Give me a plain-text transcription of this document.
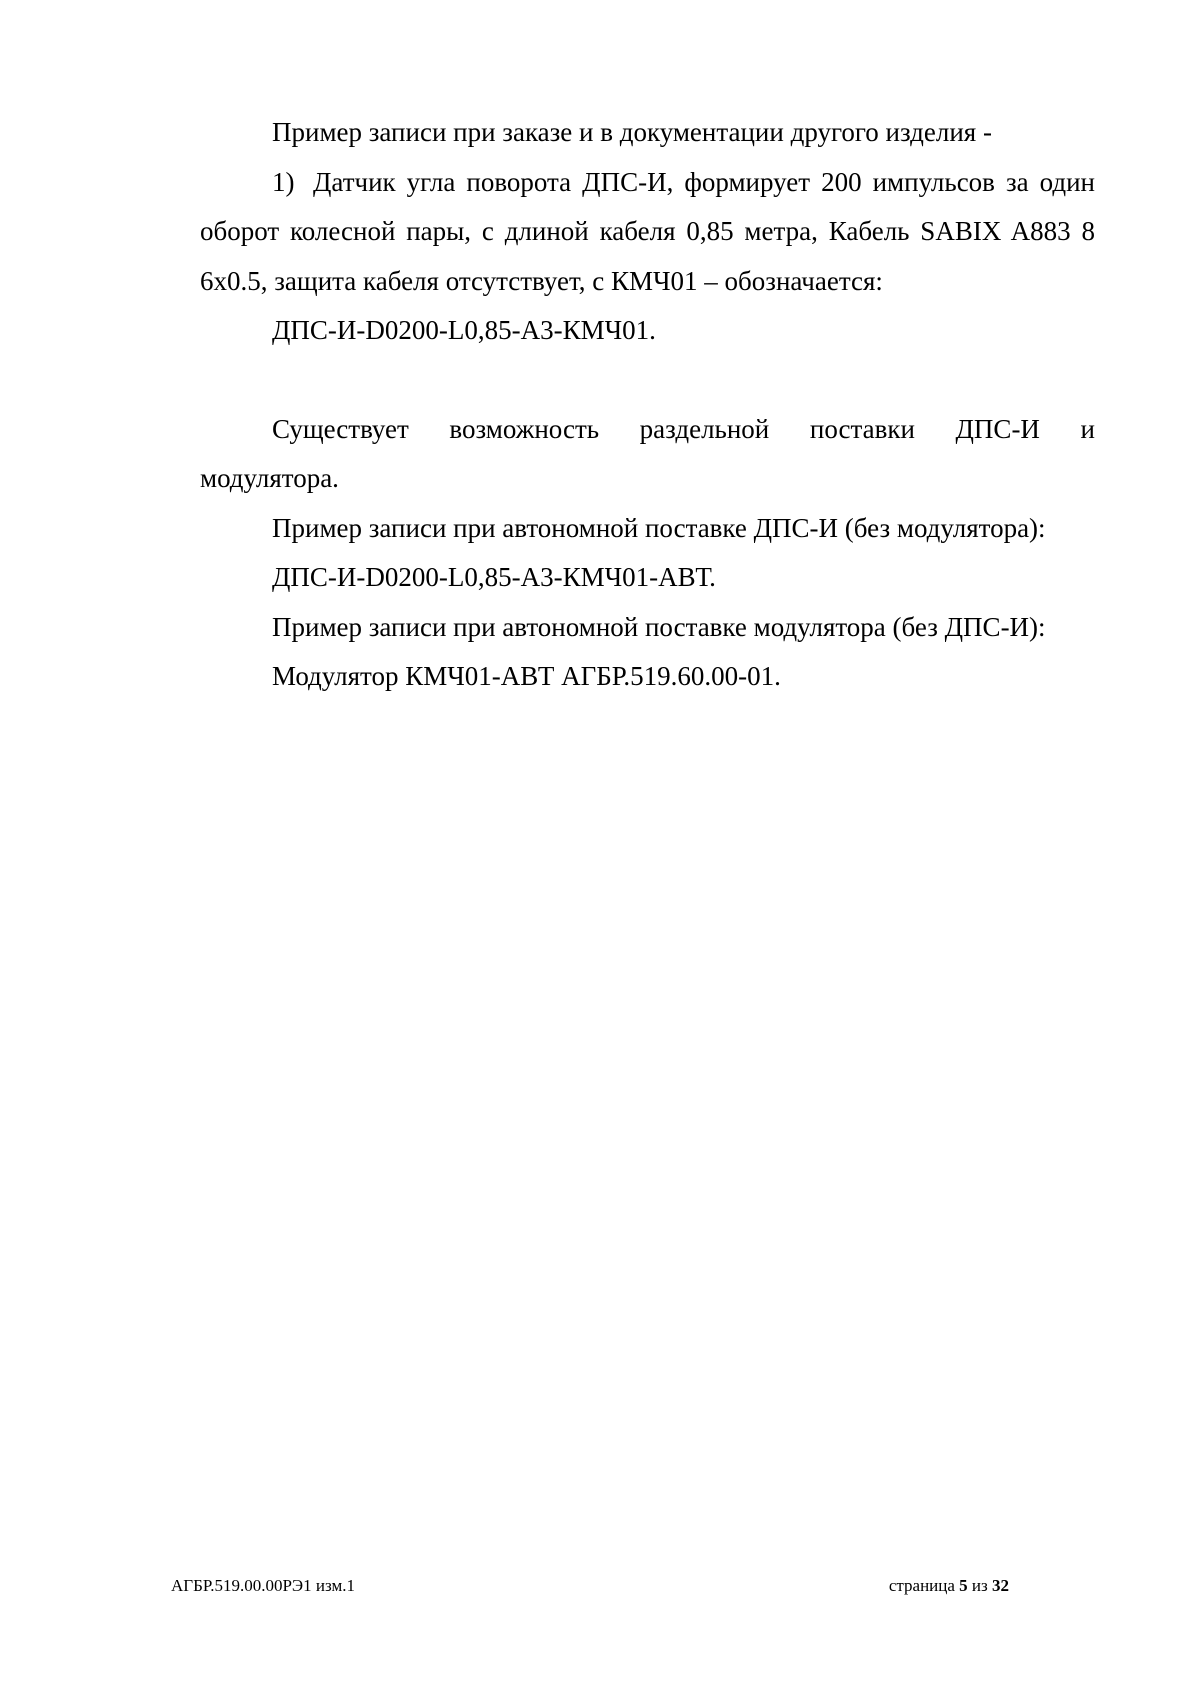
Пример записи при заказе и в документации другого изделия -

1) Датчик угла поворота ДПС-И, формирует 200 импульсов за один оборот колесной пары, с длиной кабеля 0,85 метра, Кабель SABIX A883 8 6x0.5, защита кабеля отсутствует, с КМЧ01 – обозначается:

ДПС-И-D0200-L0,85-А3-КМЧ01.

Существует возможность раздельной поставки ДПС-И и

модулятора.

Пример записи при автономной поставке ДПС-И (без модулятора):

ДПС-И-D0200-L0,85-А3-КМЧ01-АВТ.

Пример записи при автономной поставке модулятора (без ДПС-И):

Модулятор КМЧ01-АВТ АГБР.519.60.00-01.

АГБР.519.00.00РЭ1 изм.1	страница 5 из 32
